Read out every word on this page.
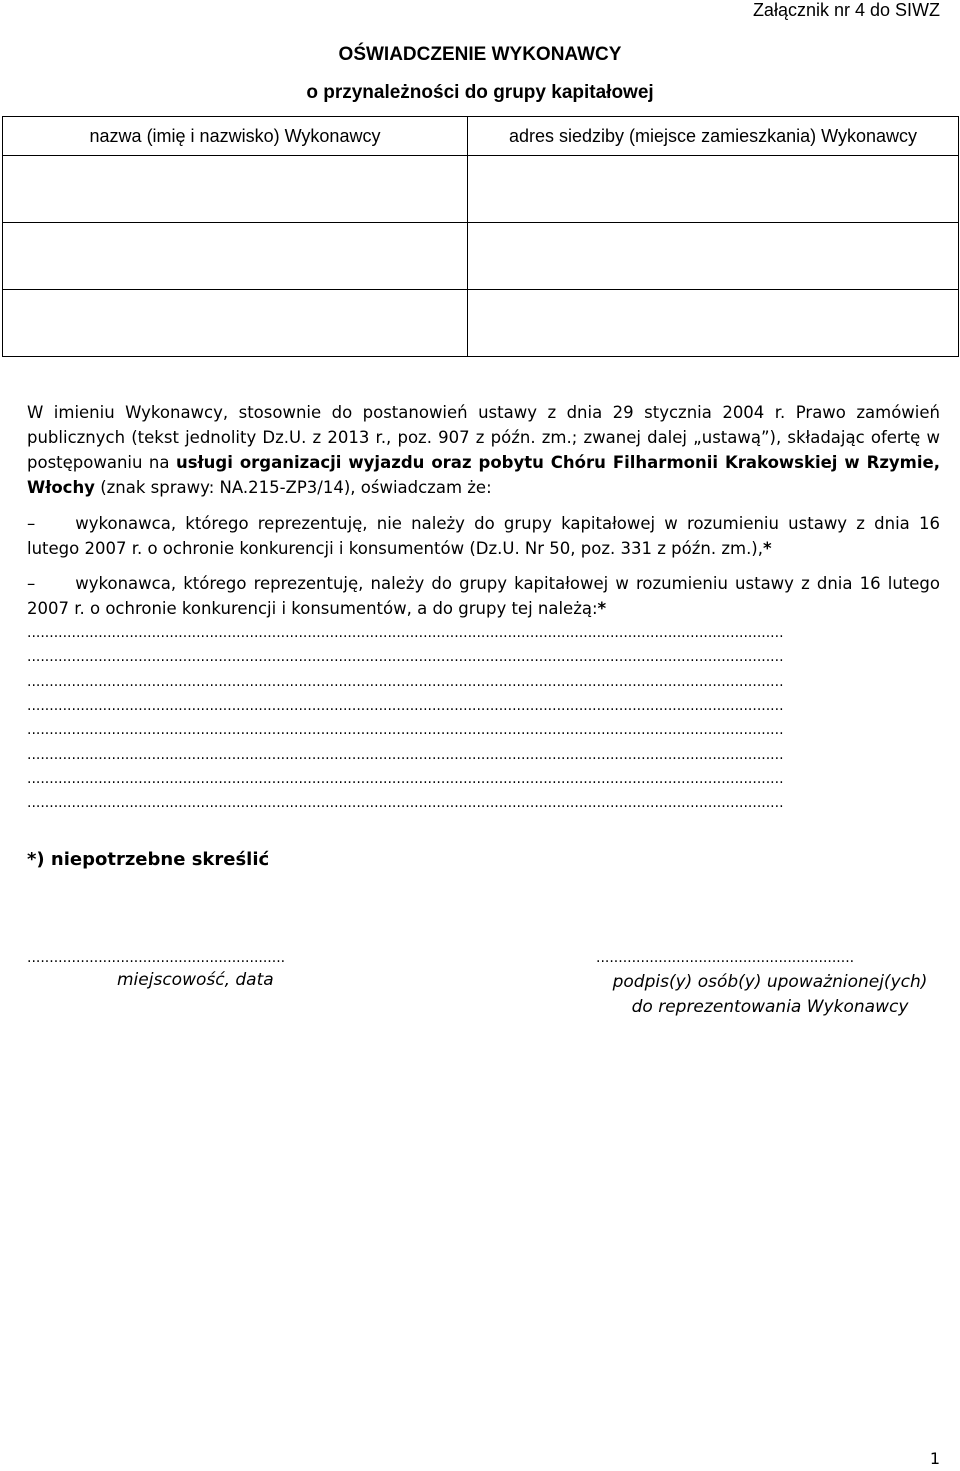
Załącznik nr 4 do SIWZ
OŚWIADCZENIE WYKONAWCY
o przynależności do grupy kapitałowej
nazwa (imię i nazwisko) Wykonawcy	adres siedziby (miejsce zamieszkania) Wykonawcy

W imieniu Wykonawcy, stosownie do postanowień ustawy z dnia 29 stycznia 2004 r. Prawo zamówień publicznych (tekst jednolity Dz.U. z 2013 r., poz. 907 z późn. zm.; zwanej dalej „ustawą”), składając ofertę w postępowaniu na usługi organizacji wyjazdu oraz pobytu Chóru Filharmonii Krakowskiej w Rzymie, Włochy (znak sprawy: NA.215-ZP3/14), oświadczam że:
– wykonawca, którego reprezentuję, nie należy do grupy kapitałowej w rozumieniu ustawy z dnia 16 lutego 2007 r. o ochronie konkurencji i konsumentów (Dz.U. Nr 50, poz. 331 z późn. zm.),*
– wykonawca, którego reprezentuję, należy do grupy kapitałowej w rozumieniu ustawy z dnia 16 lutego 2007 r. o ochronie konkurencji i konsumentów, a do grupy tej należą:*
..........................................................................................................................................................................
..........................................................................................................................................................................
..........................................................................................................................................................................
..........................................................................................................................................................................
..........................................................................................................................................................................
..........................................................................................................................................................................
..........................................................................................................................................................................
..........................................................................................................................................................................
*) niepotrzebne skreślić
..........................................................	..........................................................
miejscowość, data	podpis(y) osób(y) upoważnionej(ych)
do reprezentowania Wykonawcy
1
